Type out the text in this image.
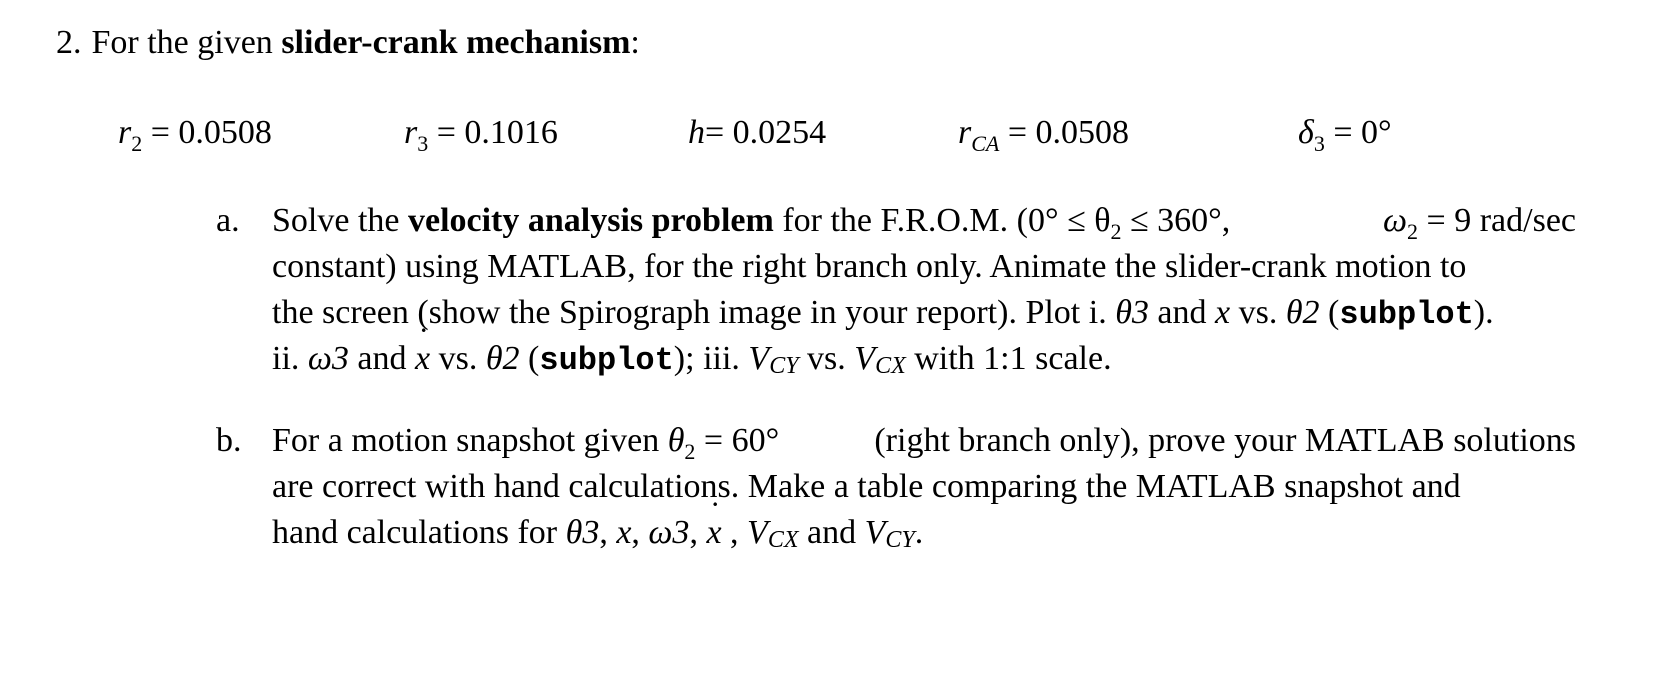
2. For the given slider-crank mechanism:
$r_2 = 0.0508$	$r_3 = 0.1016$	h= 0.0254	$r_{CA} = 0.0508$	$\delta_3 = 0^\circ$
a. Solve the velocity analysis problem for the F.R.O.M. ($0^\circ \le \theta_2 \le 360^\circ$,	$\omega_2 = 9$ rad/sec
constant) using MATLAB, for the right branch only. Animate the slider-crank motion to
the screen (show the Spirograph image in your report). Plot i. θ3 and x vs. θ2 (subplot).
ii. ω3 and ˙ x vs. θ2 (subplot); iii. VCY vs. VCX with 1:1 scale.
b. For a motion snapshot given $\theta_2 = 60^\circ$	(right branch only), prove your MATLAB solutions
are correct with hand calculations. Make a table comparing the MATLAB snapshot and
hand calculations for θ3, x, ω3, ˙ x , VCX and VCY.
